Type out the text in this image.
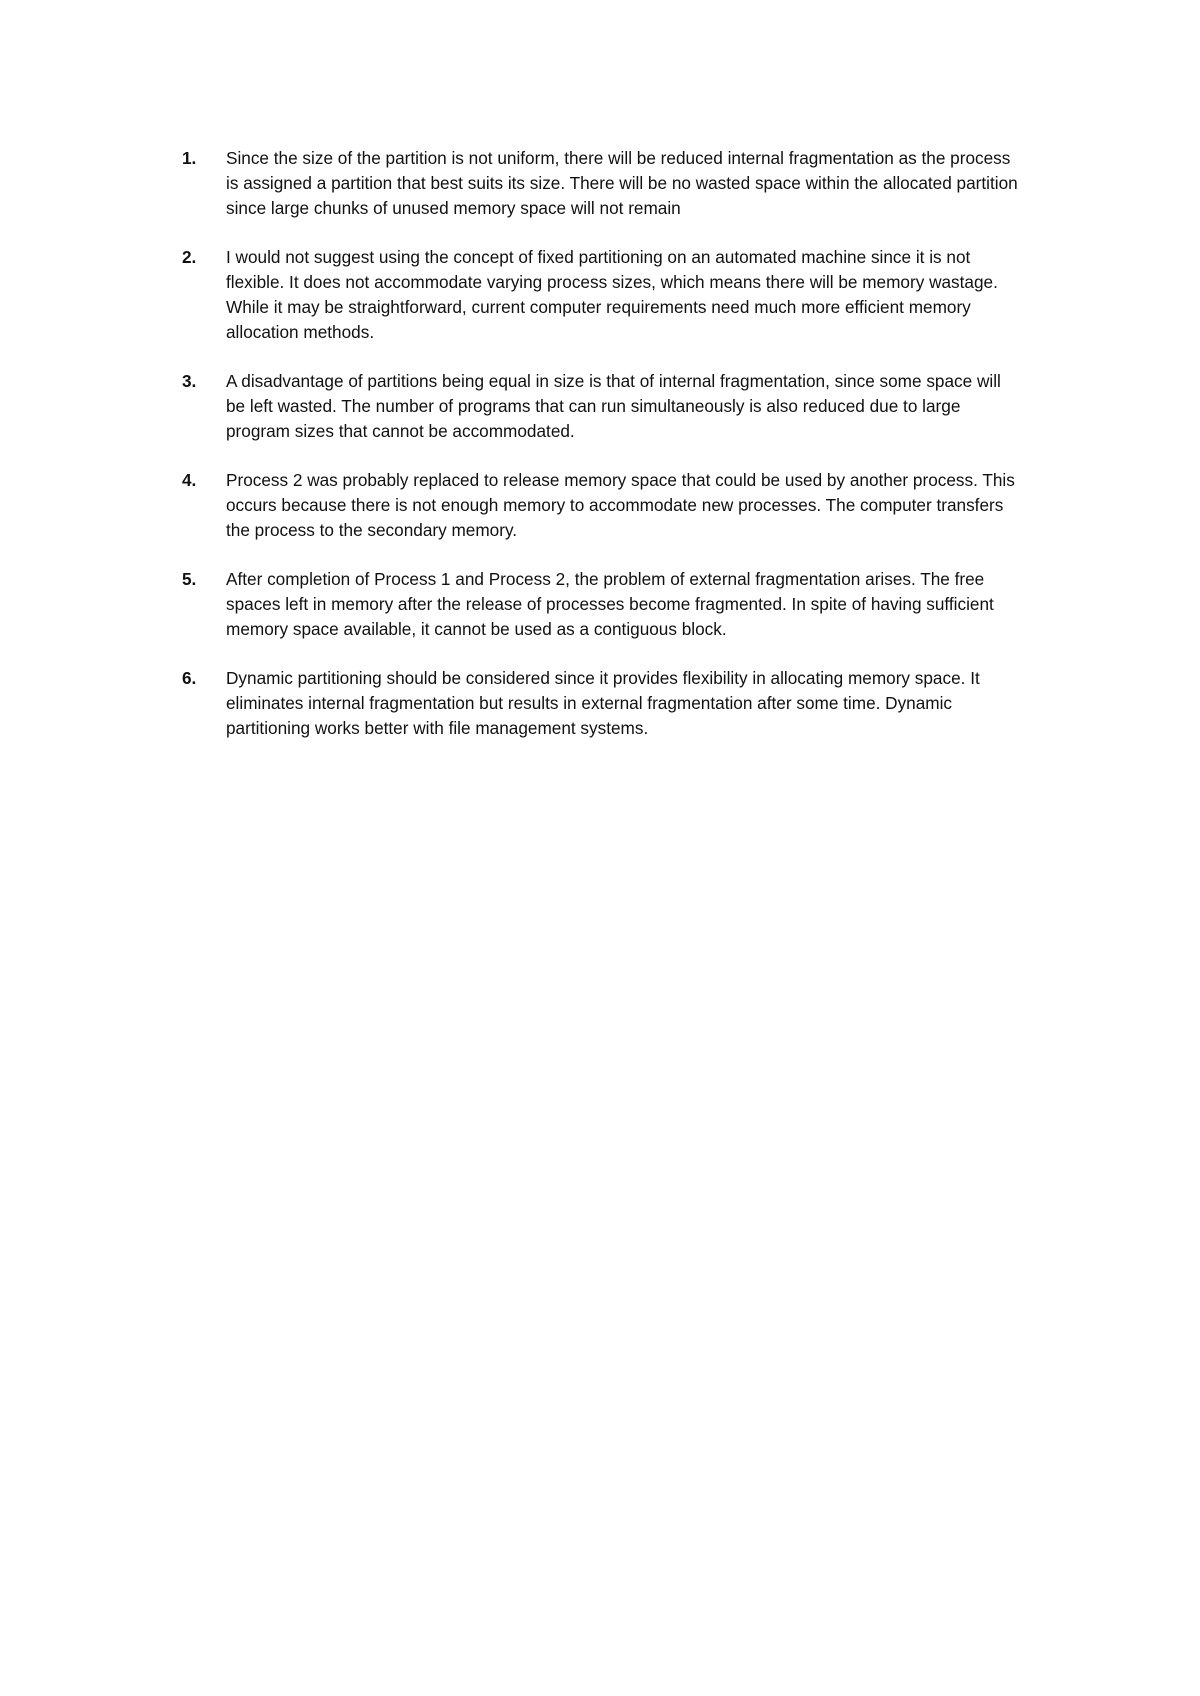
1. Since the size of the partition is not uniform, there will be reduced internal fragmentation as the process is assigned a partition that best suits its size. There will be no wasted space within the allocated partition since large chunks of unused memory space will not remain
2. I would not suggest using the concept of fixed partitioning on an automated machine since it is not flexible. It does not accommodate varying process sizes, which means there will be memory wastage. While it may be straightforward, current computer requirements need much more efficient memory allocation methods.
3. A disadvantage of partitions being equal in size is that of internal fragmentation, since some space will be left wasted. The number of programs that can run simultaneously is also reduced due to large program sizes that cannot be accommodated.
4. Process 2 was probably replaced to release memory space that could be used by another process. This occurs because there is not enough memory to accommodate new processes. The computer transfers the process to the secondary memory.
5. After completion of Process 1 and Process 2, the problem of external fragmentation arises. The free spaces left in memory after the release of processes become fragmented. In spite of having sufficient memory space available, it cannot be used as a contiguous block.
6. Dynamic partitioning should be considered since it provides flexibility in allocating memory space. It eliminates internal fragmentation but results in external fragmentation after some time. Dynamic partitioning works better with file management systems.
